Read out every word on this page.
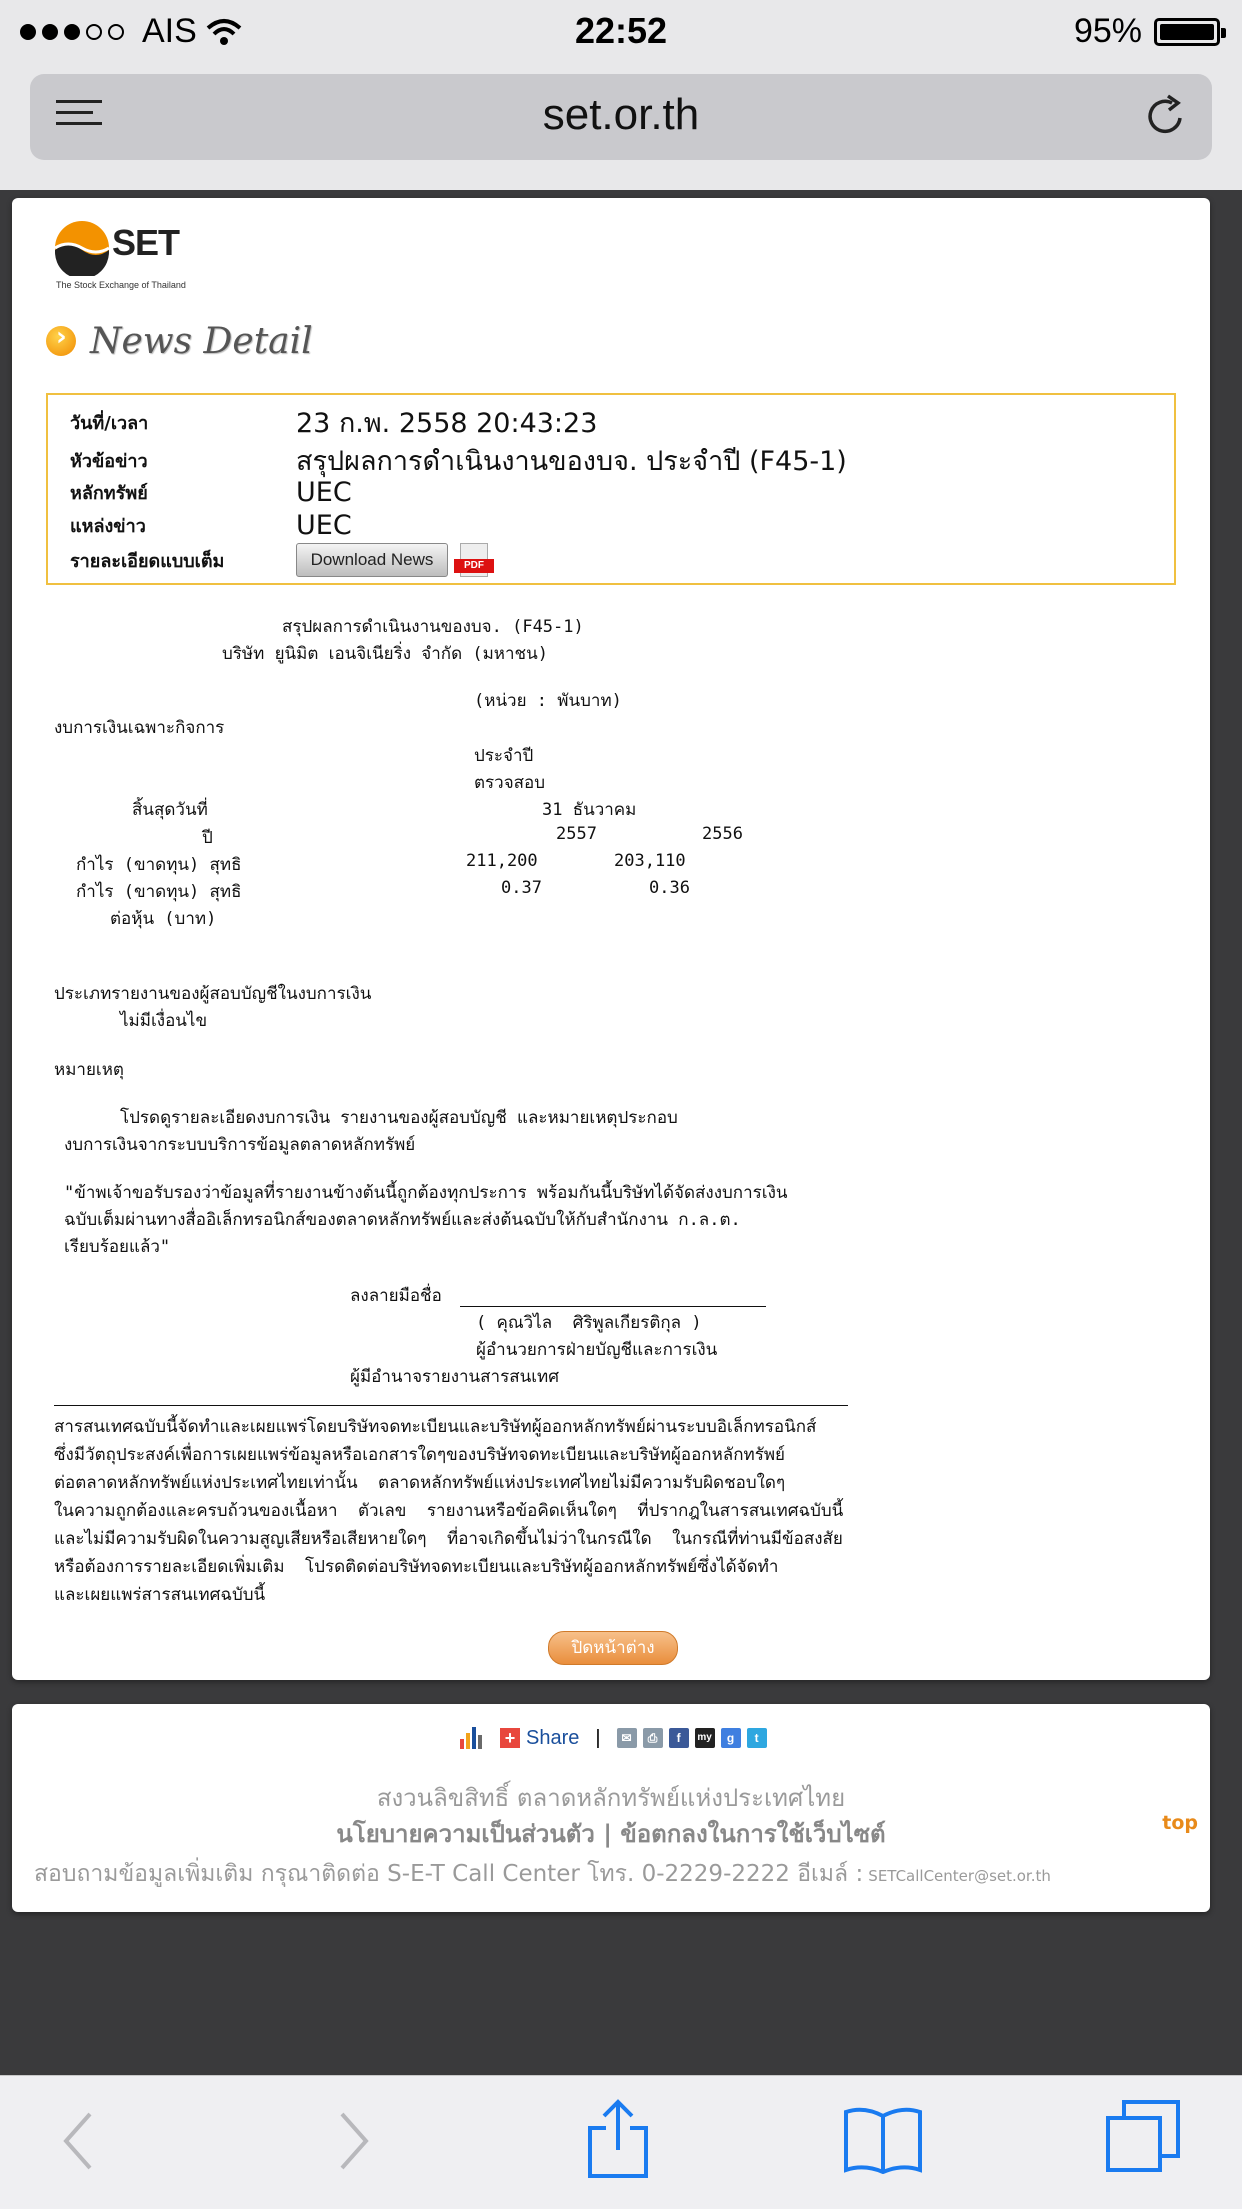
AIS	22:52	95%
set.or.th
SET
The Stock Exchange of Thailand
›
News Detail
วันที่/เวลา	23 ก.พ. 2558 20:43:23
หัวข้อข่าว	สรุปผลการดำเนินงานของบจ. ประจำปี (F45-1)
หลักทรัพย์	UEC
แหล่งข่าว	UEC
รายละเอียดแบบเต็ม	Download News	PDF
สรุปผลการดำเนินงานของบจ. (F45-1)
บริษัท ยูนิมิต เอนจิเนียริ่ง จำกัด (มหาชน)
(หน่วย : พันบาท)
งบการเงินเฉพาะกิจการ
ประจำปี
ตรวจสอบ
สิ้นสุดวันที่	31 ธันวาคม
ปี	2557	2556
กำไร (ขาดทุน) สุทธิ	211,200	203,110
กำไร (ขาดทุน) สุทธิ	0.37	0.36
ต่อหุ้น (บาท)
ประเภทรายงานของผู้สอบบัญชีในงบการเงิน
ไม่มีเงื่อนไข
หมายเหตุ
โปรดดูรายละเอียดงบการเงิน รายงานของผู้สอบบัญชี และหมายเหตุประกอบ
งบการเงินจากระบบบริการข้อมูลตลาดหลักทรัพย์
"ข้าพเจ้าขอรับรองว่าข้อมูลที่รายงานข้างต้นนี้ถูกต้องทุกประการ พร้อมกันนี้บริษัทได้จัดส่งงบการเงิน
ฉบับเต็มผ่านทางสื่ออิเล็กทรอนิกส์ของตลาดหลักทรัพย์และส่งต้นฉบับให้กับสำนักงาน ก.ล.ต.
เรียบร้อยแล้ว"
ลงลายมือชื่อ
( คุณวิไล  ศิริพูลเกียรติกุล )
ผู้อำนวยการฝ่ายบัญชีและการเงิน
ผู้มีอำนาจรายงานสารสนเทศ
สารสนเทศฉบับนี้จัดทำและเผยแพร่โดยบริษัทจดทะเบียนและบริษัทผู้ออกหลักทรัพย์ผ่านระบบอิเล็กทรอนิกส์
ซึ่งมีวัตถุประสงค์เพื่อการเผยแพร่ข้อมูลหรือเอกสารใดๆของบริษัทจดทะเบียนและบริษัทผู้ออกหลักทรัพย์
ต่อตลาดหลักทรัพย์แห่งประเทศไทยเท่านั้น  ตลาดหลักทรัพย์แห่งประเทศไทยไม่มีความรับผิดชอบใดๆ
ในความถูกต้องและครบถ้วนของเนื้อหา  ตัวเลข  รายงานหรือข้อคิดเห็นใดๆ  ที่ปรากฎในสารสนเทศฉบับนี้
และไม่มีความรับผิดในความสูญเสียหรือเสียหายใดๆ  ที่อาจเกิดขึ้นไม่ว่าในกรณีใด  ในกรณีที่ท่านมีข้อสงสัย
หรือต้องการรายละเอียดเพิ่มเติม  โปรดติดต่อบริษัทจดทะเบียนและบริษัทผู้ออกหลักทรัพย์ซึ่งได้จัดทำ
และเผยแพร่สารสนเทศฉบับนี้
ปิดหน้าต่าง
+ Share |	✉	⎙	f	my	g	t
สงวนลิขสิทธิ์ ตลาดหลักทรัพย์แห่งประเทศไทย
นโยบายความเป็นส่วนตัว | ข้อตกลงในการใช้เว็บไซต์	top
สอบถามข้อมูลเพิ่มเติม กรุณาติดต่อ S-E-T Call Center โทร. 0-2229-2222 อีเมล์ : SETCallCenter@set.or.th
